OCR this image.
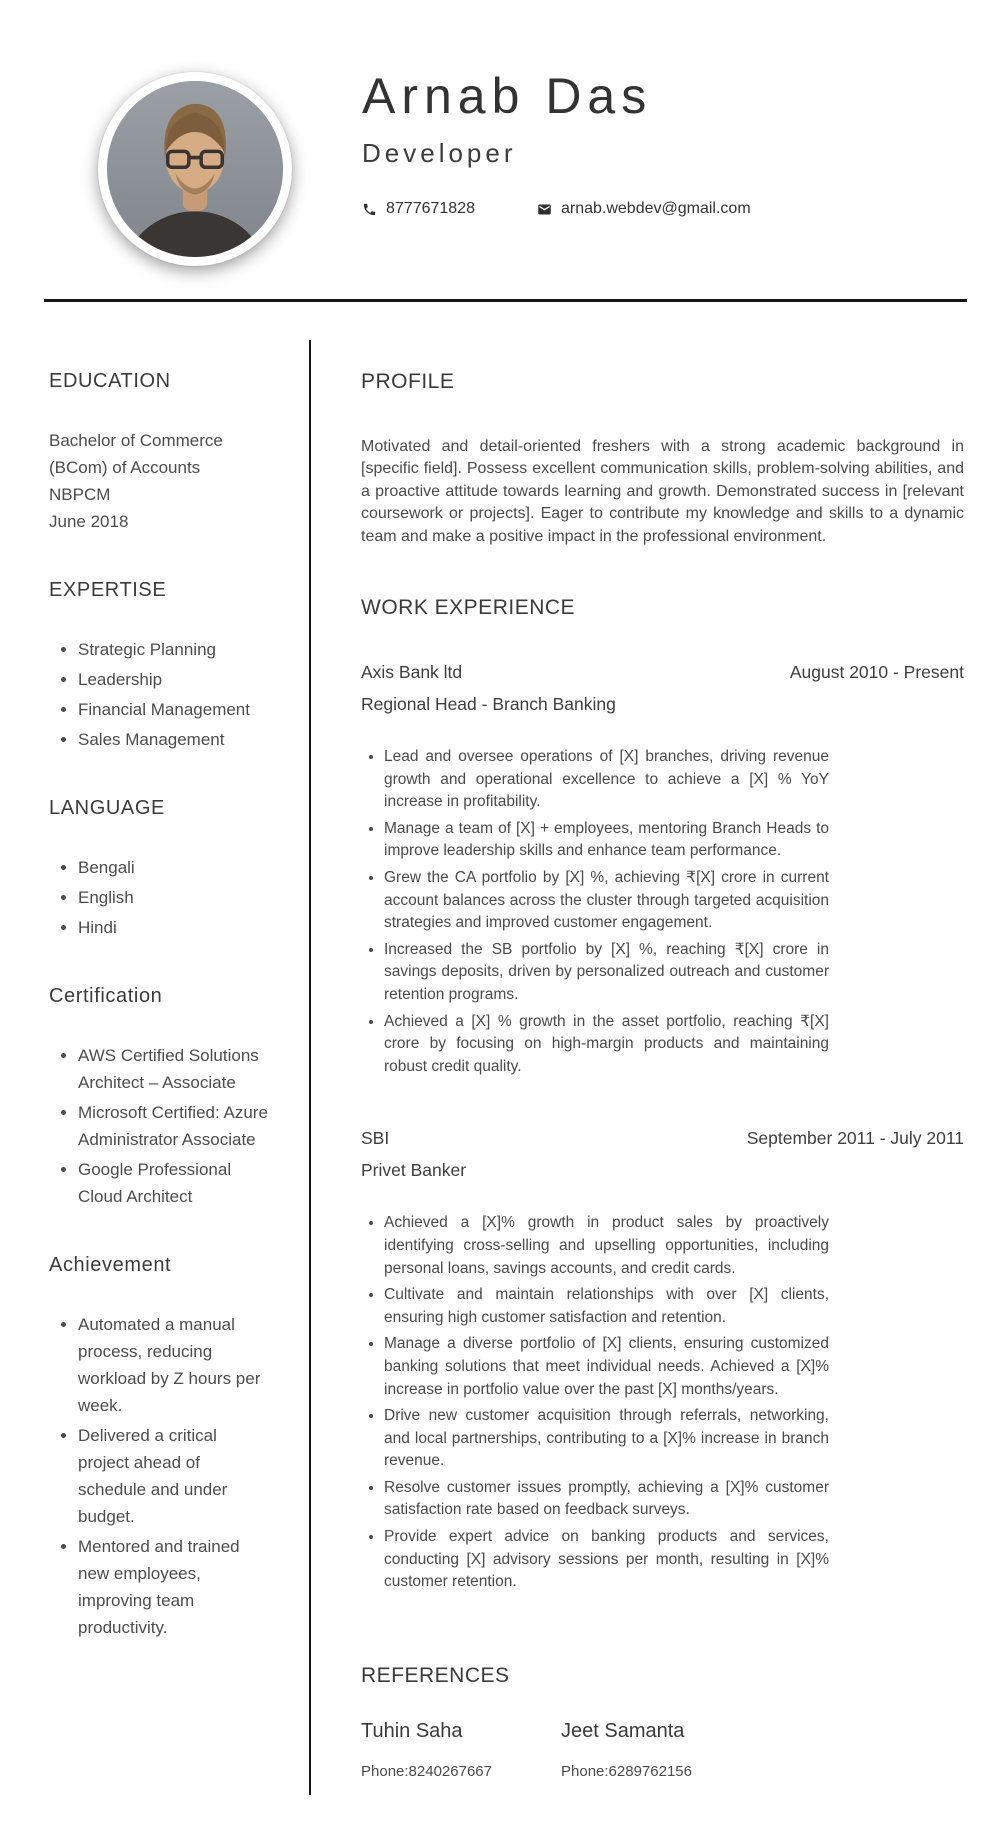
Arnab Das
Developer
8777671828	arnab.webdev@gmail.com
EDUCATION

Bachelor of Commerce (BCom) of Accounts

NBPCM

June 2018

EXPERTISE
• Strategic Planning
• Leadership
• Financial Management
• Sales Management
LANGUAGE
• Bengali
• English
• Hindi
Certification
• AWS Certified Solutions Architect – Associate
• Microsoft Certified: Azure Administrator Associate
• Google Professional Cloud Architect
Achievement
• Automated a manual process, reducing workload by Z hours per week.
• Delivered a critical project ahead of schedule and under budget.
• Mentored and trained new employees, improving team productivity.
PROFILE

Motivated and detail-oriented freshers with a strong academic background in [specific field]. Possess excellent communication skills, problem-solving abilities, and a proactive attitude towards learning and growth. Demonstrated success in [relevant coursework or projects]. Eager to contribute my knowledge and skills to a dynamic team and make a positive impact in the professional environment.

WORK EXPERIENCE
Axis Bank ltd
Regional Head - Branch Banking
August 2010 - Present
• Lead and oversee operations of [X] branches, driving revenue growth and operational excellence to achieve a [X] % YoY increase in profitability.
• Manage a team of [X] + employees, mentoring Branch Heads to improve leadership skills and enhance team performance.
• Grew the CA portfolio by [X] %, achieving ₹[X] crore in current account balances across the cluster through targeted acquisition strategies and improved customer engagement.
• Increased the SB portfolio by [X] %, reaching ₹[X] crore in savings deposits, driven by personalized outreach and customer retention programs.
• Achieved a [X] % growth in the asset portfolio, reaching ₹[X] crore by focusing on high-margin products and maintaining robust credit quality.
SBI
Privet Banker
September 2011 - July 2011
• Achieved a [X]% growth in product sales by proactively identifying cross-selling and upselling opportunities, including personal loans, savings accounts, and credit cards.
• Cultivate and maintain relationships with over [X] clients, ensuring high customer satisfaction and retention.
• Manage a diverse portfolio of [X] clients, ensuring customized banking solutions that meet individual needs. Achieved a [X]% increase in portfolio value over the past [X] months/years.
• Drive new customer acquisition through referrals, networking, and local partnerships, contributing to a [X]% increase in branch revenue.
• Resolve customer issues promptly, achieving a [X]% customer satisfaction rate based on feedback surveys.
• Provide expert advice on banking products and services, conducting [X] advisory sessions per month, resulting in [X]% customer retention.
REFERENCES

Tuhin Saha

Phone:8240267667

Jeet Samanta

Phone:6289762156
